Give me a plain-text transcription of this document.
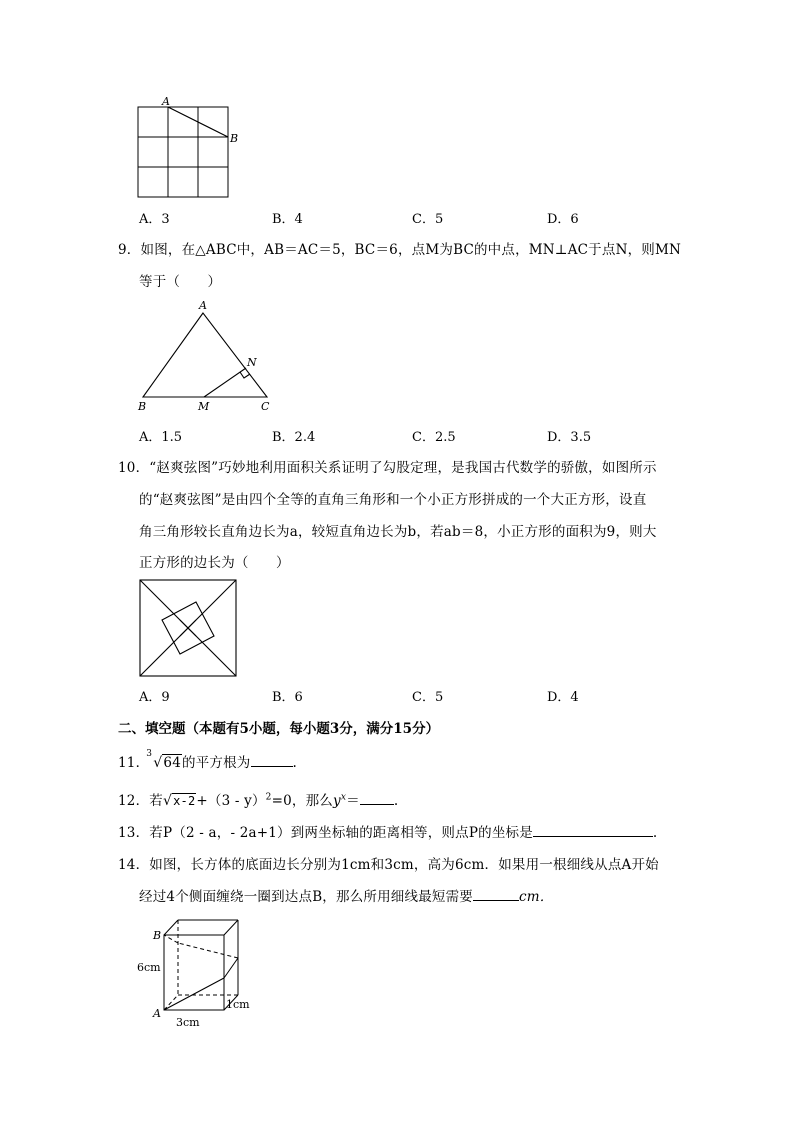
A
B
A．3	B．4	C．5	D．6
9．如图，在△ABC中，AB＝AC＝5，BC＝6，点M为BC的中点，MN⊥AC于点N，则MN
等于（　　）
A
B	M	C
N
A．1.5	B．2.4	C．2.5	D．3.5
10．“赵爽弦图”巧妙地利用面积关系证明了勾股定理，是我国古代数学的骄傲，如图所示
的“赵爽弦图”是由四个全等的直角三角形和一个小正方形拼成的一个大正方形，设直
角三角形较长直角边长为a，较短直角边长为b，若ab＝8，小正方形的面积为9，则大
正方形的边长为（　　）
A．9	B．6	C．5	D．4
二、填空题（本题有5小题，每小题3分，满分15分）
11．
3
√64的平方根为	.
12．若√x-2+（3 - y）$^2$=0，那么$y^x=$	.
13．若P（2 - a，- 2a+1）到两坐标轴的距离相等，则点P的坐标是	.
14．如图，长方体的底面边长分别为1cm和3cm，高为6cm．如果用一根细线从点A开始
经过4个侧面缠绕一圈到达点B，那么所用细线最短需要	cm．
B
A
6cm
3cm
1cm
